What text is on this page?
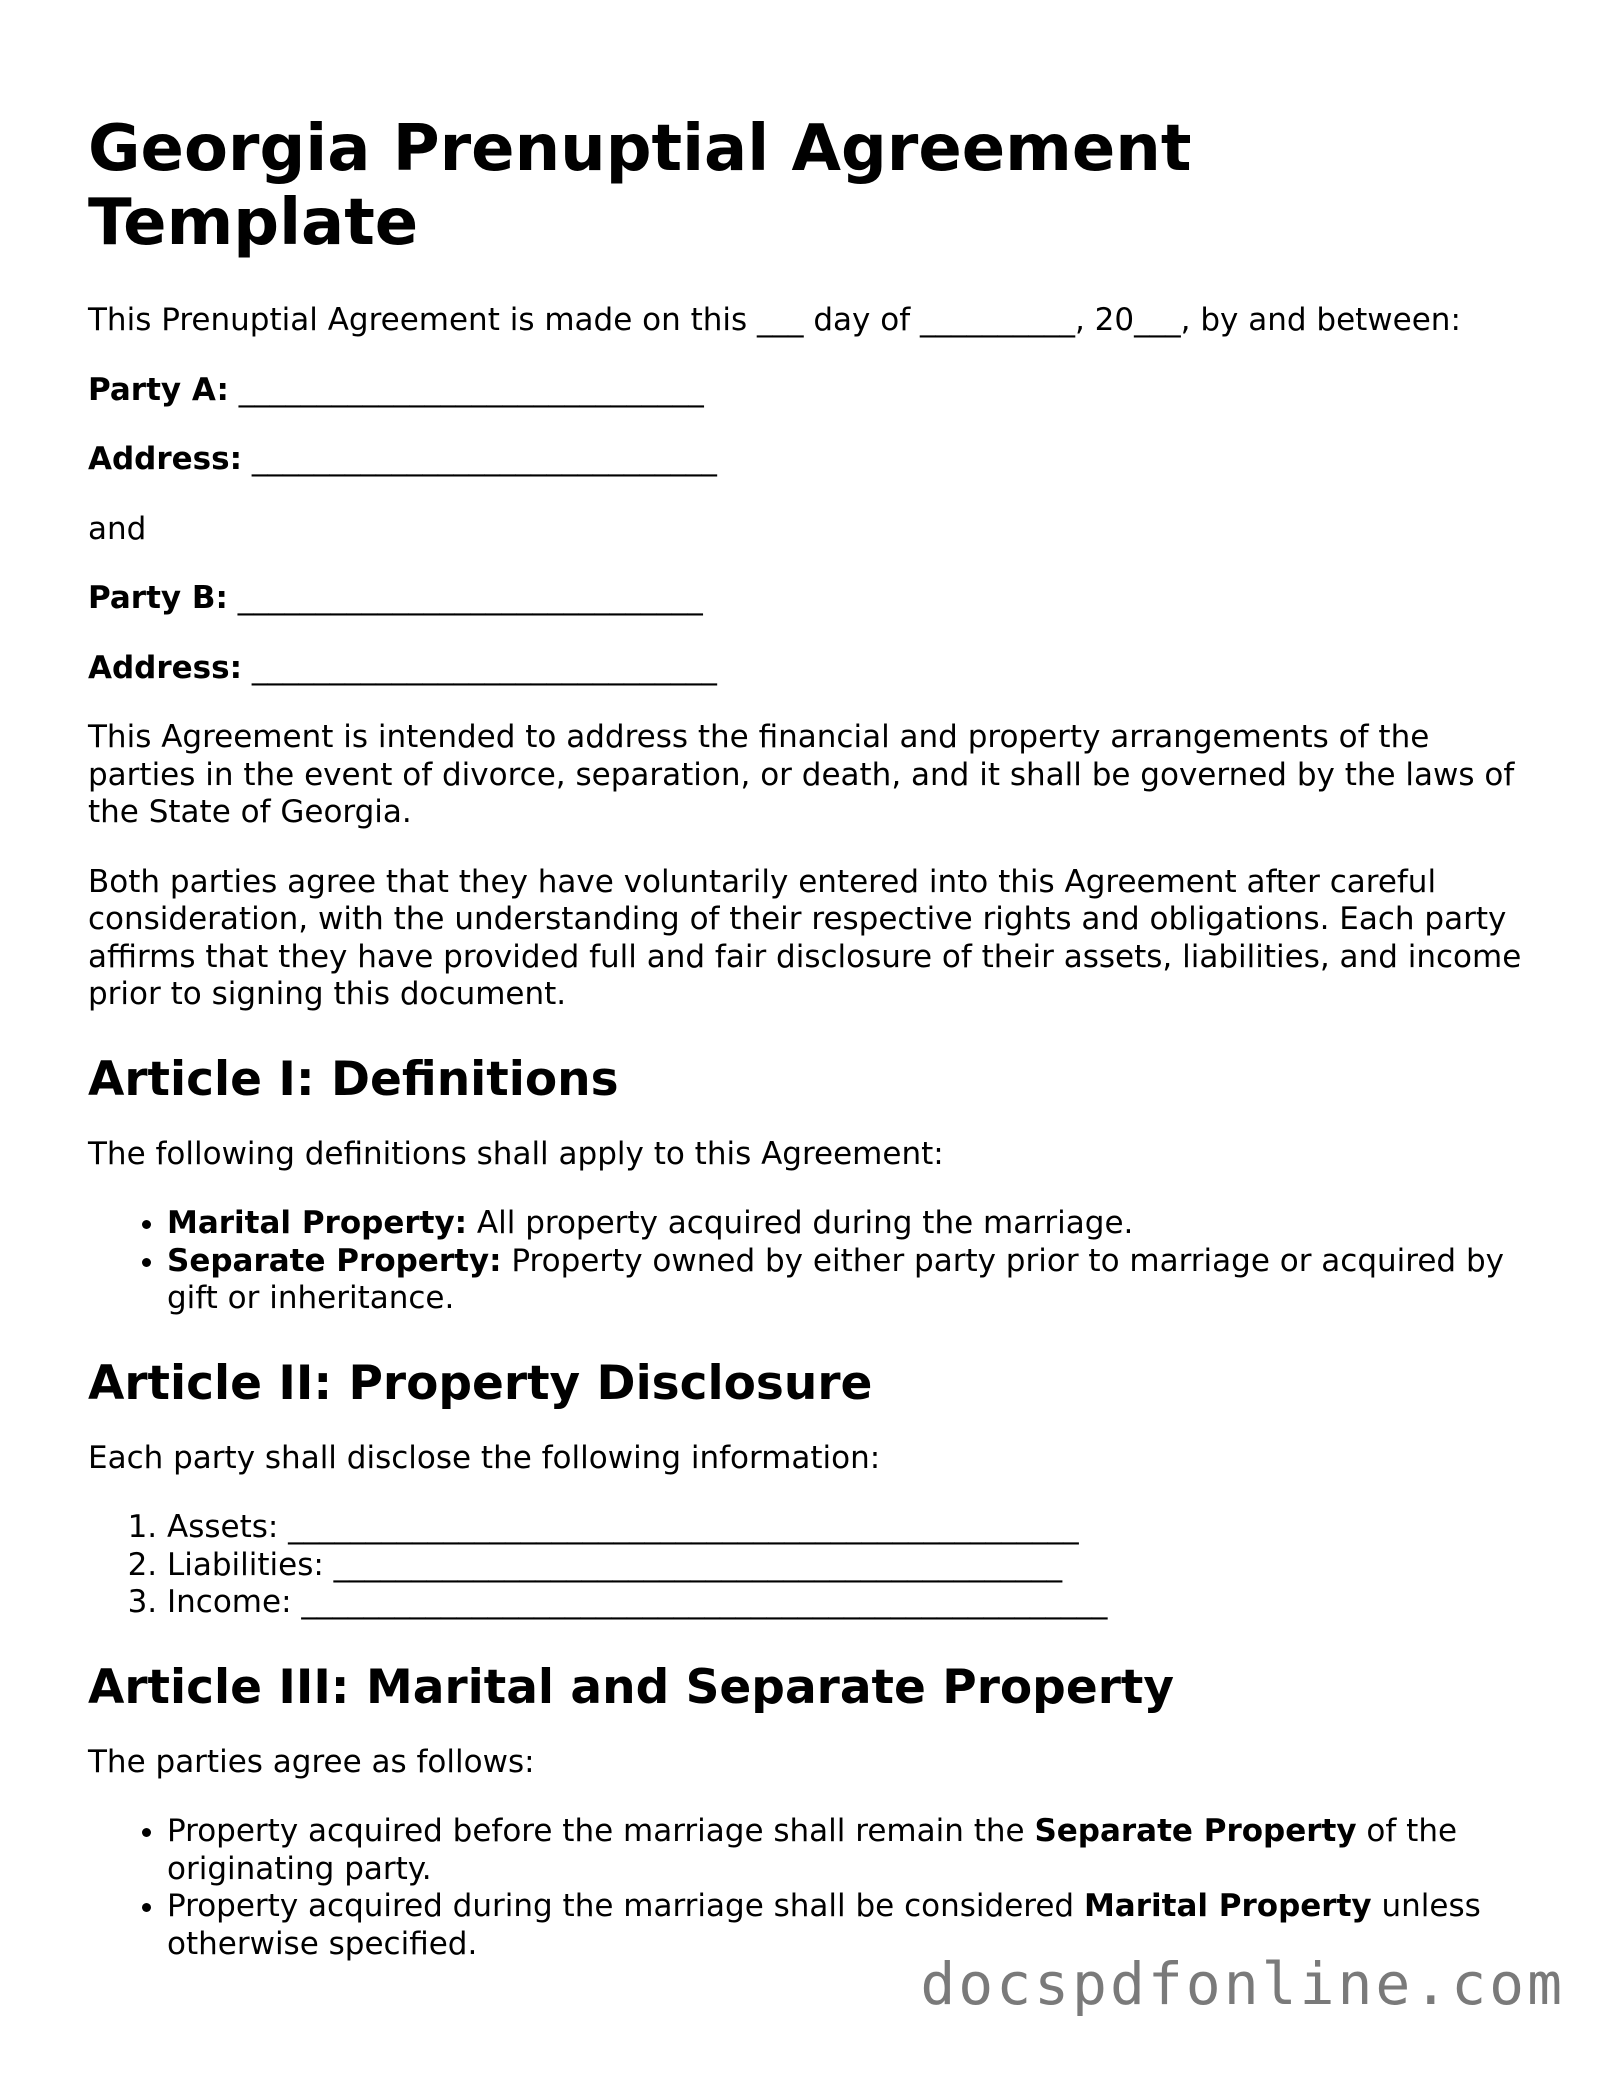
Georgia Prenuptial Agreement Template

This Prenuptial Agreement is made on this ___ day of __________, 20___, by and between:

Party A: ______________________________
Address: ______________________________

and

Party B: ______________________________
Address: ______________________________

This Agreement is intended to address the financial and property arrangements of the parties in the event of divorce, separation, or death, and it shall be governed by the laws of the State of Georgia.

Both parties agree that they have voluntarily entered into this Agreement after careful consideration, with the understanding of their respective rights and obligations. Each party affirms that they have provided full and fair disclosure of their assets, liabilities, and income prior to signing this document.

Article I: Definitions

The following definitions shall apply to this Agreement:

• Marital Property: All property acquired during the marriage.
• Separate Property: Property owned by either party prior to marriage or acquired by gift or inheritance.
Article II: Property Disclosure

Each party shall disclose the following information:

1. Assets: ___________________________________________________
2. Liabilities: _______________________________________________
3. Income: ____________________________________________________
Article III: Marital and Separate Property

The parties agree as follows:

• Property acquired before the marriage shall remain the Separate Property of the originating party.
• Property acquired during the marriage shall be considered Marital Property unless otherwise specified.
docspdfonline.com
